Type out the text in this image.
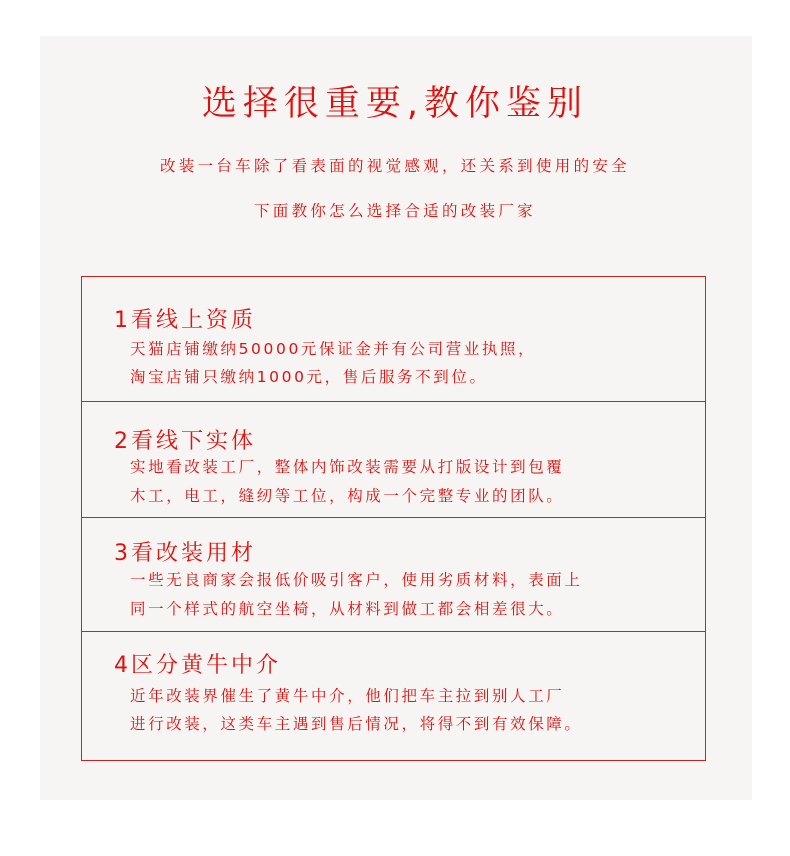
选择很重要,教你鉴别
改装一台车除了看表面的视觉感观，还关系到使用的安全
下面教你怎么选择合适的改装厂家
1看线上资质
天猫店铺缴纳50000元保证金并有公司营业执照，
淘宝店铺只缴纳1000元，售后服务不到位。
2看线下实体
实地看改装工厂，整体内饰改装需要从打版设计到包覆
木工，电工，缝纫等工位，构成一个完整专业的团队。
3看改装用材
一些无良商家会报低价吸引客户，使用劣质材料，表面上
同一个样式的航空坐椅，从材料到做工都会相差很大。
4区分黄牛中介
近年改装界催生了黄牛中介，他们把车主拉到别人工厂
进行改装，这类车主遇到售后情况，将得不到有效保障。
